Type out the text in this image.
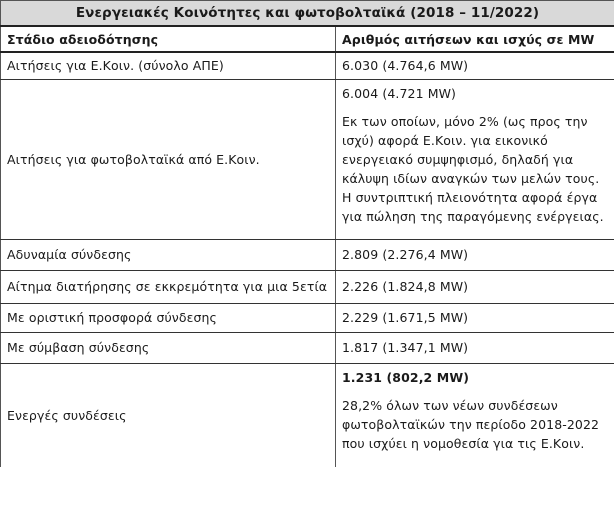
Ενεργειακές Κοινότητες και φωτοβολταϊκά (2018 – 11/2022)	
Στάδιο αδειοδότησης	Αριθμός αιτήσεων και ισχύς σε MW
Αιτήσεις για Ε.Κοιν. (σύνολο ΑΠΕ)	6.030 (4.764,6 MW)
Αιτήσεις για φωτοβολταϊκά από Ε.Κοιν.	6.004 (4.721 MW)

Εκ των οποίων, μόνο 2% (ως προς την ισχύ) αφορά Ε.Κοιν. για εικονικό ενεργειακό συμψηφισμό, δηλαδή για κάλυψη ιδίων αναγκών των μελών τους. Η συντριπτική πλειονότητα αφορά έργα για πώληση της παραγόμενης ενέργειας.

Αδυναμία σύνδεσης	2.809 (2.276,4 MW)
Αίτημα διατήρησης σε εκκρεμότητα για μια 5ετία	2.226 (1.824,8 MW)
Με οριστική προσφορά σύνδεσης	2.229 (1.671,5 MW)
Με σύμβαση σύνδεσης	1.817 (1.347,1 MW)
Ενεργές συνδέσεις	1.231 (802,2 MW)

28,2% όλων των νέων συνδέσεων φωτοβολταϊκών την περίοδο 2018-2022 που ισχύει η νομοθεσία για τις Ε.Κοιν.
